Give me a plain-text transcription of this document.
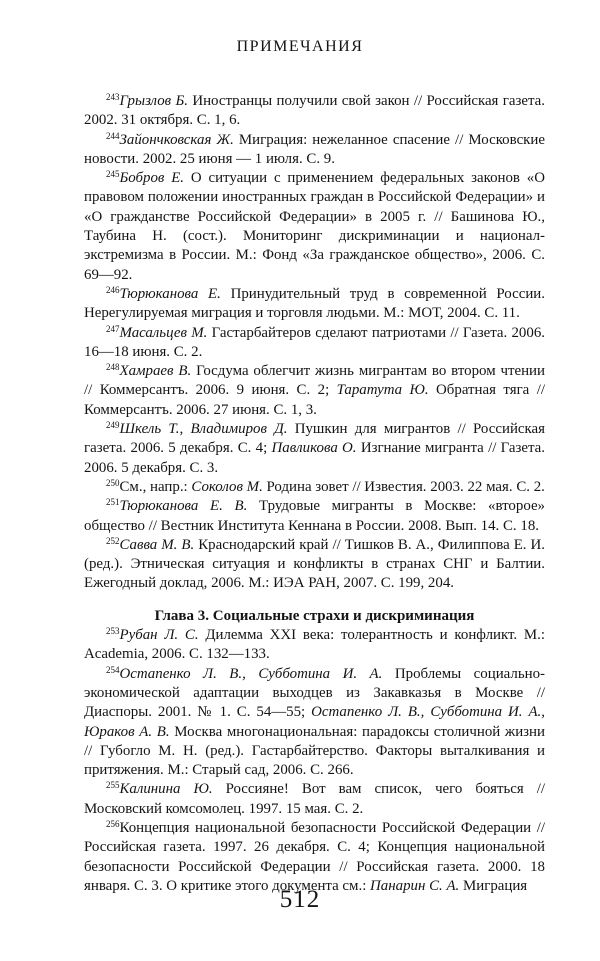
ПРИМЕЧАНИЯ

$^{243}$Грызлов Б. Иностранцы получили свой закон // Российская газета. 2002. 31 октября. С. 1, 6.

$^{244}$Зайончковская Ж. Миграция: нежеланное спасение // Московские новости. 2002. 25 июня — 1 июля. С. 9.

$^{245}$Бобров Е. О ситуации с применением федеральных законов «О правовом положении иностранных граждан в Российской Федерации» и «О гражданстве Российской Федерации» в 2005 г. // Башинова Ю., Таубина Н. (сост.). Мониторинг дискриминации и национал-экстремизма в России. М.: Фонд «За гражданское общество», 2006. С. 69—92.

$^{246}$Тюрюканова Е. Принудительный труд в современной России. Нерегулируемая миграция и торговля людьми. М.: МОТ, 2004. С. 11.

$^{247}$Масальцев М. Гастарбайтеров сделают патриотами // Газета. 2006. 16—18 июня. С. 2.

$^{248}$Хамраев В. Госдума облегчит жизнь мигрантам во втором чтении // Коммерсантъ. 2006. 9 июня. С. 2; Таратута Ю. Обратная тяга // Коммерсантъ. 2006. 27 июня. С. 1, 3.

$^{249}$Шкель Т., Владимиров Д. Пушкин для мигрантов // Российская газета. 2006. 5 декабря. С. 4; Павликова О. Изгнание мигранта // Газета. 2006. 5 декабря. С. 3.

$^{250}$См., напр.: Соколов М. Родина зовет // Известия. 2003. 22 мая. С. 2.

$^{251}$Тюрюканова Е. В. Трудовые мигранты в Москве: «второе» общество // Вестник Института Кеннана в России. 2008. Вып. 14. С. 18.

$^{252}$Савва М. В. Краснодарский край // Тишков В. А., Филиппова Е. И. (ред.). Этническая ситуация и конфликты в странах СНГ и Балтии. Ежегодный доклад, 2006. М.: ИЭА РАН, 2007. С. 199, 204.

Глава 3. Социальные страхи и дискриминация

$^{253}$Рубан Л. С. Дилемма XXI века: толерантность и конфликт. М.: Academia, 2006. С. 132—133.

$^{254}$Остапенко Л. В., Субботина И. А. Проблемы социально-экономической адаптации выходцев из Закавказья в Москве // Диаспоры. 2001. № 1. С. 54—55; Остапенко Л. В., Субботина И. А., Юраков А. В. Москва многонациональная: парадоксы столичной жизни // Губогло М. Н. (ред.). Гастарбайтерство. Факторы выталкивания и притяжения. М.: Старый сад, 2006. С. 266.

$^{255}$Калинина Ю. Россияне! Вот вам список, чего бояться // Московский комсомолец. 1997. 15 мая. С. 2.

$^{256}$Концепция национальной безопасности Российской Федерации // Российская газета. 1997. 26 декабря. С. 4; Концепция национальной безопасности Российской Федерации // Российская газета. 2000. 18 января. С. 3. О критике этого документа см.: Панарин С. А. Миграция

512
